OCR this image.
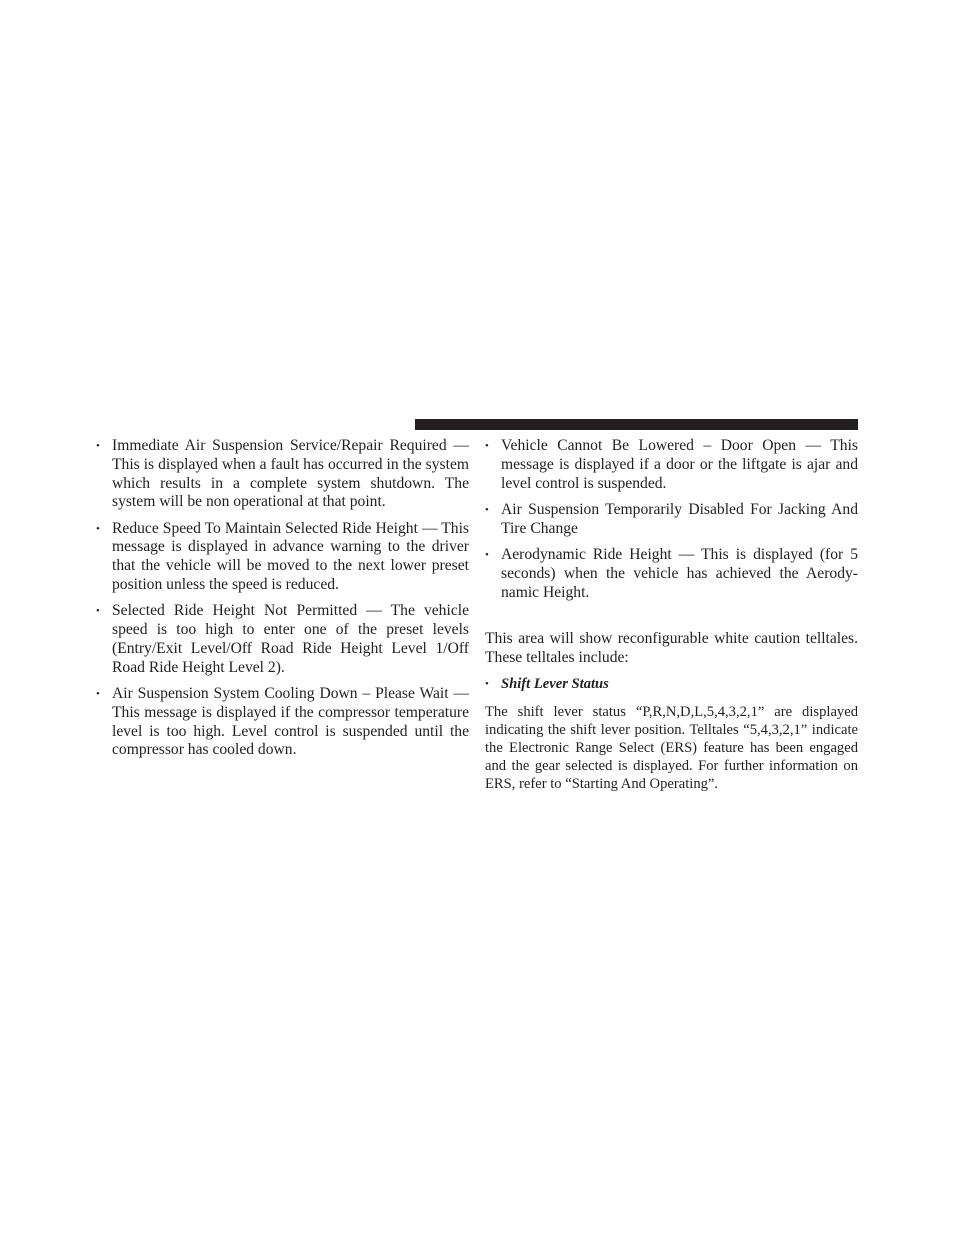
• Immediate Air Suspension Service/Repair Required — This is displayed when a fault has occurred in the system which results in a complete system shutdown. The system will be non operational at that point.
• Reduce Speed To Maintain Selected Ride Height — This message is displayed in advance warning to the driver that the vehicle will be moved to the next lower preset position unless the speed is reduced.
• Selected Ride Height Not Permitted — The vehicle speed is too high to enter one of the preset levels (Entry/Exit Level/Off Road Ride Height Level 1/Off Road Ride Height Level 2).
• Air Suspension System Cooling Down – Please Wait — This message is displayed if the compressor temperature level is too high. Level control is suspended until the compressor has cooled down.
• Vehicle Cannot Be Lowered – Door Open — This message is displayed if a door or the liftgate is ajar and level control is suspended.
• Air Suspension Temporarily Disabled For Jacking And Tire Change
• Aerodynamic Ride Height — This is displayed (for 5 seconds) when the vehicle has achieved the Aerodynamic Height.

This area will show reconfigurable white caution telltales. These telltales include:

• Shift Lever Status

The shift lever status “P,R,N,D,L,5,4,3,2,1” are displayed indicating the shift lever position. Telltales “5,4,3,2,1” indicate the Electronic Range Select (ERS) feature has been engaged and the gear selected is displayed. For further information on ERS, refer to “Starting And Operating”.
